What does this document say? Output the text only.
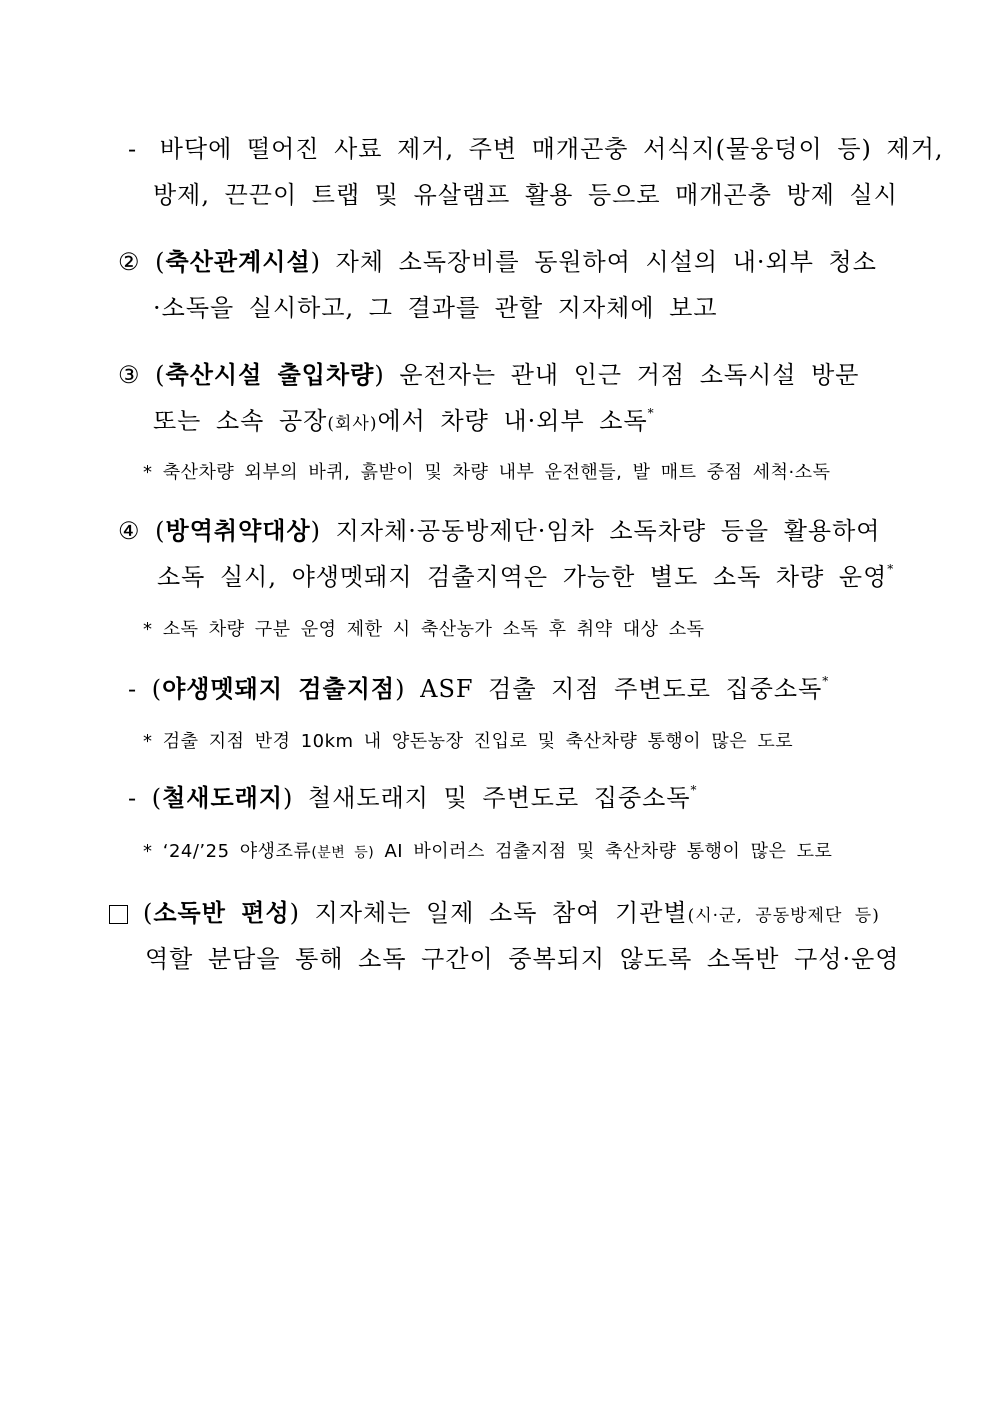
- 바닥에 떨어진 사료 제거, 주변 매개곤충 서식지(물웅덩이 등) 제거,
방제, 끈끈이 트랩 및 유살램프 활용 등으로 매개곤충 방제 실시
② (축산관계시설) 자체 소독장비를 동원하여 시설의 내·외부 청소
·소독을 실시하고, 그 결과를 관할 지자체에 보고
③ (축산시설 출입차량) 운전자는 관내 인근 거점 소독시설 방문
또는 소속 공장(회사)에서 차량 내·외부 소독*
* 축산차량 외부의 바퀴, 흙받이 및 차량 내부 운전핸들, 발 매트 중점 세척·소독
④ (방역취약대상) 지자체·공동방제단·임차 소독차량 등을 활용하여
소독 실시, 야생멧돼지 검출지역은 가능한 별도 소독 차량 운영*
* 소독 차량 구분 운영 제한 시 축산농가 소독 후 취약 대상 소독
- (야생멧돼지 검출지점) ASF 검출 지점 주변도로 집중소독*
* 검출 지점 반경 10km 내 양돈농장 진입로 및 축산차량 통행이 많은 도로
- (철새도래지) 철새도래지 및 주변도로 집중소독*
* ‘24/’25 야생조류(분변 등) AI 바이러스 검출지점 및 축산차량 통행이 많은 도로
(소독반 편성) 지자체는 일제 소독 참여 기관별(시·군, 공동방제단 등)
역할 분담을 통해 소독 구간이 중복되지 않도록 소독반 구성·운영
